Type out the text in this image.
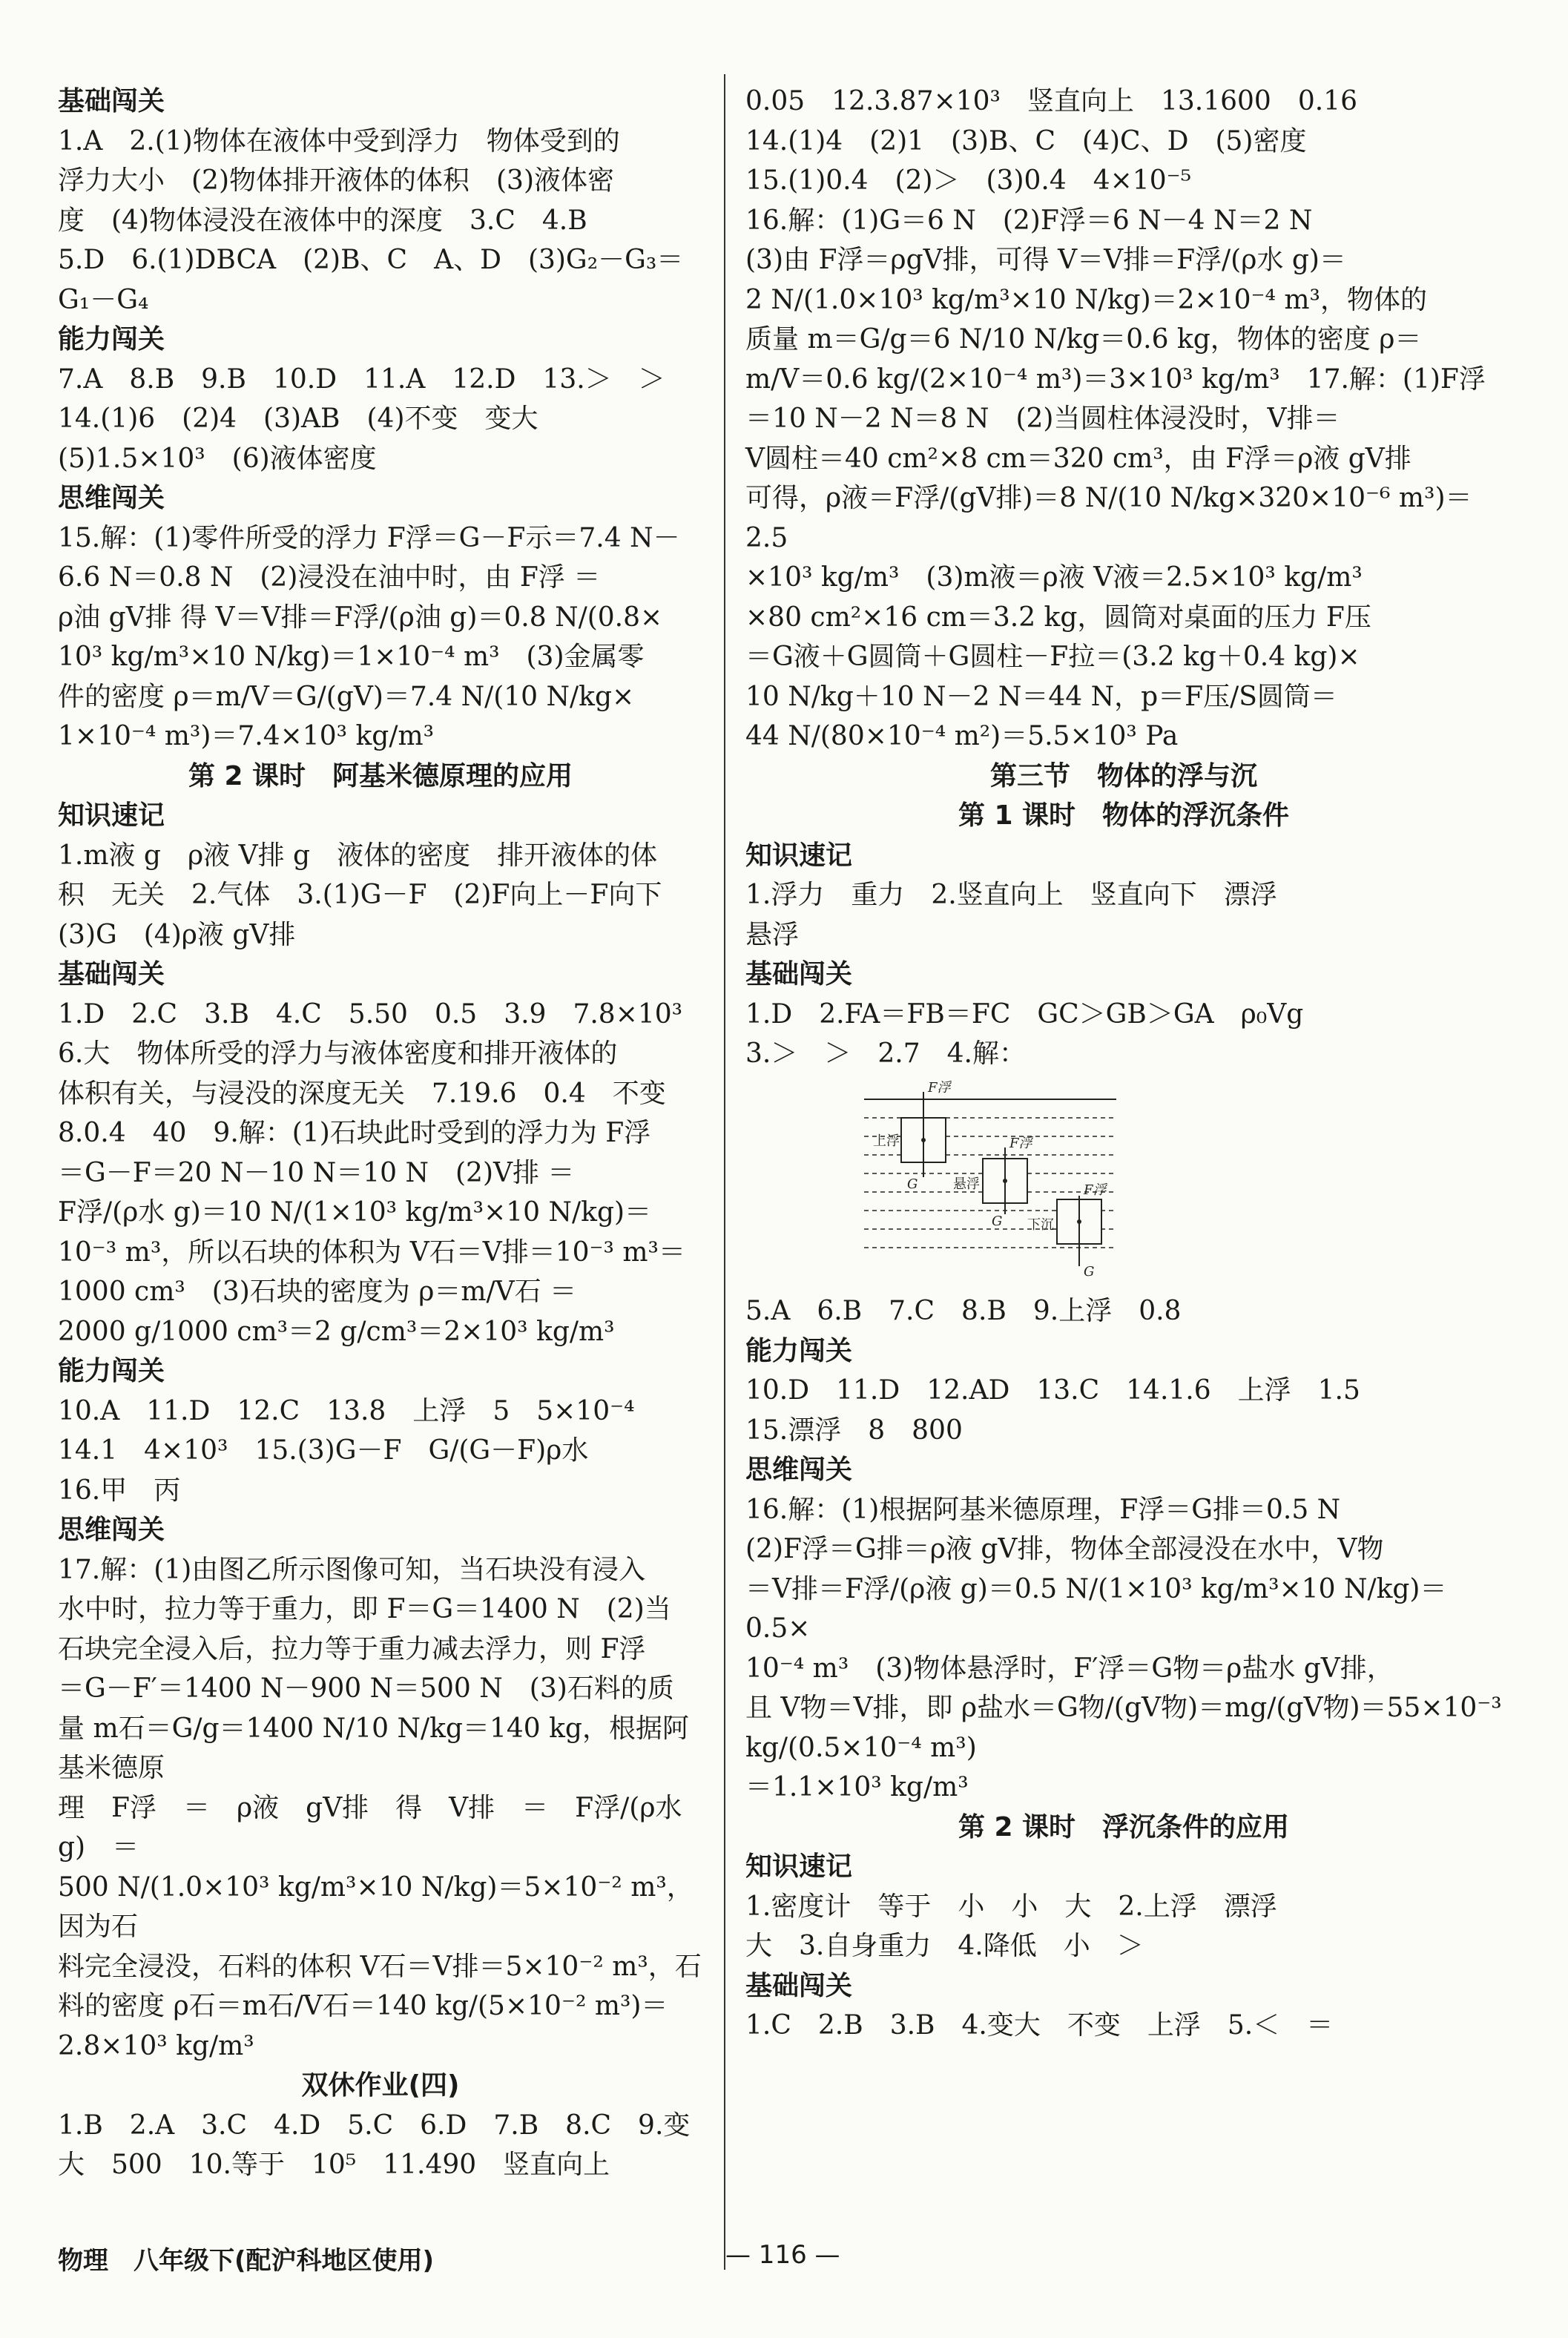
基础闯关

1.A　2.(1)物体在液体中受到浮力　物体受到的

浮力大小　(2)物体排开液体的体积　(3)液体密

度　(4)物体浸没在液体中的深度　3.C　4.B

5.D　6.(1)DBCA　(2)B、C　A、D　(3)G₂－G₃＝

G₁－G₄

能力闯关

7.A　8.B　9.B　10.D　11.A　12.D　13.＞　＞

14.(1)6　(2)4　(3)AB　(4)不变　变大

(5)1.5×10³　(6)液体密度

思维闯关

15.解：(1)零件所受的浮力 F浮＝G－F示＝7.4 N－

6.6 N＝0.8 N　(2)浸没在油中时，由 F浮 ＝

ρ油 gV排 得 V＝V排＝F浮/(ρ油 g)＝0.8 N/(0.8×

10³ kg/m³×10 N/kg)＝1×10⁻⁴ m³　(3)金属零

件的密度 ρ＝m/V＝G/(gV)＝7.4 N/(10 N/kg×

1×10⁻⁴ m³)＝7.4×10³ kg/m³

第 2 课时　阿基米德原理的应用

知识速记

1.m液 g　ρ液 V排 g　液体的密度　排开液体的体

积　无关　2.气体　3.(1)G－F　(2)F向上－F向下

(3)G　(4)ρ液 gV排

基础闯关

1.D　2.C　3.B　4.C　5.50　0.5　3.9　7.8×10³

6.大　物体所受的浮力与液体密度和排开液体的

体积有关，与浸没的深度无关　7.19.6　0.4　不变

8.0.4　40　9.解：(1)石块此时受到的浮力为 F浮

＝G－F＝20 N－10 N＝10 N　(2)V排 ＝

F浮/(ρ水 g)＝10 N/(1×10³ kg/m³×10 N/kg)＝

10⁻³ m³，所以石块的体积为 V石＝V排＝10⁻³ m³＝

1000 cm³　(3)石块的密度为 ρ＝m/V石 ＝

2000 g/1000 cm³＝2 g/cm³＝2×10³ kg/m³

能力闯关

10.A　11.D　12.C　13.8　上浮　5　5×10⁻⁴

14.1　4×10³　15.(3)G－F　G/(G－F)ρ水

16.甲　丙

思维闯关

17.解：(1)由图乙所示图像可知，当石块没有浸入

水中时，拉力等于重力，即 F＝G＝1400 N　(2)当

石块完全浸入后，拉力等于重力减去浮力，则 F浮

＝G－F′＝1400 N－900 N＝500 N　(3)石料的质

量 m石＝G/g＝1400 N/10 N/kg＝140 kg，根据阿基米德原

理　F浮　＝　ρ液　gV排　得　V排　＝　F浮/(ρ水 g)　＝

500 N/(1.0×10³ kg/m³×10 N/kg)＝5×10⁻² m³，因为石

料完全浸没，石料的体积 V石＝V排＝5×10⁻² m³，石

料的密度 ρ石＝m石/V石＝140 kg/(5×10⁻² m³)＝2.8×10³ kg/m³

双休作业(四)

1.B　2.A　3.C　4.D　5.C　6.D　7.B　8.C　9.变

大　500　10.等于　10⁵　11.490　竖直向上

0.05　12.3.87×10³　竖直向上　13.1600　0.16

14.(1)4　(2)1　(3)B、C　(4)C、D　(5)密度

15.(1)0.4　(2)＞　(3)0.4　4×10⁻⁵

16.解：(1)G＝6 N　(2)F浮＝6 N－4 N＝2 N

(3)由 F浮＝ρgV排，可得 V＝V排＝F浮/(ρ水 g)＝

2 N/(1.0×10³ kg/m³×10 N/kg)＝2×10⁻⁴ m³，物体的

质量 m＝G/g＝6 N/10 N/kg＝0.6 kg，物体的密度 ρ＝

m/V＝0.6 kg/(2×10⁻⁴ m³)＝3×10³ kg/m³　17.解：(1)F浮

＝10 N－2 N＝8 N　(2)当圆柱体浸没时，V排＝

V圆柱＝40 cm²×8 cm＝320 cm³，由 F浮＝ρ液 gV排

可得，ρ液＝F浮/(gV排)＝8 N/(10 N/kg×320×10⁻⁶ m³)＝2.5

×10³ kg/m³　(3)m液＝ρ液 V液＝2.5×10³ kg/m³

×80 cm²×16 cm＝3.2 kg，圆筒对桌面的压力 F压

＝G液＋G圆筒＋G圆柱－F拉＝(3.2 kg＋0.4 kg)×

10 N/kg＋10 N－2 N＝44 N，p＝F压/S圆筒＝

44 N/(80×10⁻⁴ m²)＝5.5×10³ Pa

第三节　物体的浮与沉

第 1 课时　物体的浮沉条件

知识速记

1.浮力　重力　2.竖直向上　竖直向下　漂浮

悬浮

基础闯关

1.D　2.FA＝FB＝FC　GC＞GB＞GA　ρ₀Vg

3.＞　＞　2.7　4.解：

F浮
F浮
F浮
G
G
G
上浮
悬浮
下沉

5.A　6.B　7.C　8.B　9.上浮　0.8

能力闯关

10.D　11.D　12.AD　13.C　14.1.6　上浮　1.5

15.漂浮　8　800

思维闯关

16.解：(1)根据阿基米德原理，F浮＝G排＝0.5 N

(2)F浮＝G排＝ρ液 gV排，物体全部浸没在水中，V物

＝V排＝F浮/(ρ液 g)＝0.5 N/(1×10³ kg/m³×10 N/kg)＝0.5×

10⁻⁴ m³　(3)物体悬浮时，F′浮＝G物＝ρ盐水 gV排，

且 V物＝V排，即 ρ盐水＝G物/(gV物)＝mg/(gV物)＝55×10⁻³ kg/(0.5×10⁻⁴ m³)

＝1.1×10³ kg/m³

第 2 课时　浮沉条件的应用

知识速记

1.密度计　等于　小　小　大　2.上浮　漂浮

大　3.自身重力　4.降低　小　＞

基础闯关

1.C　2.B　3.B　4.变大　不变　上浮　5.＜　＝

物理　八年级下(配沪科地区使用)	— 116 —
